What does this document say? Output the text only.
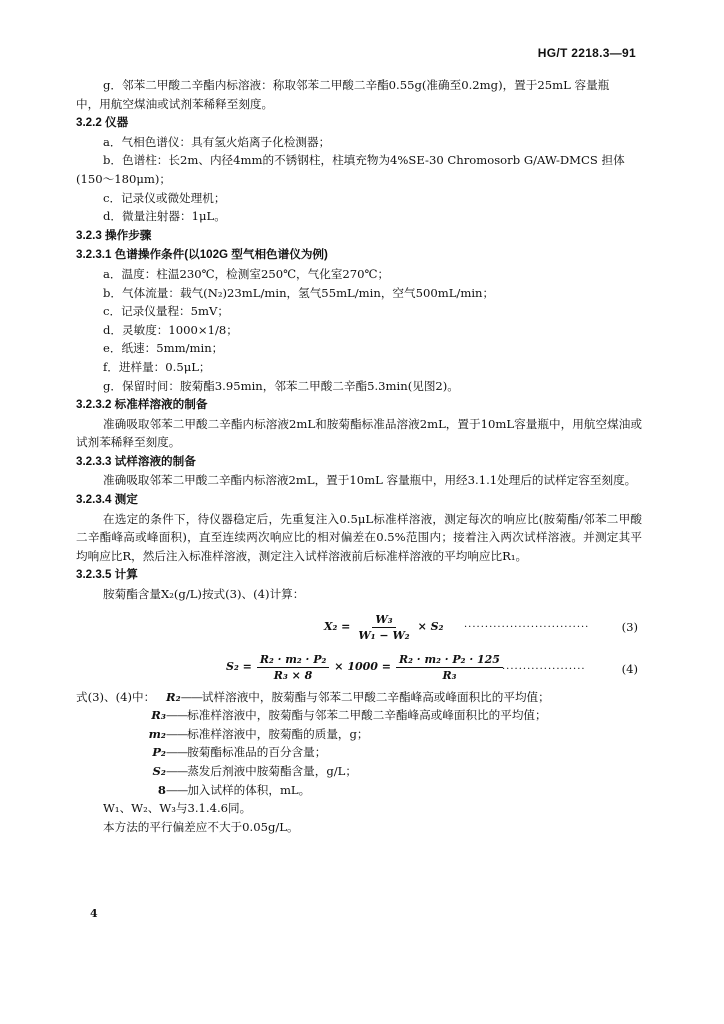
HG/T 2218.3—91

g．邻苯二甲酸二辛酯内标溶液：称取邻苯二甲酸二辛酯0.55g(准确至0.2mg)，置于25mL 容量瓶

中，用航空煤油或试剂苯稀释至刻度。

3.2.2 仪器

a．气相色谱仪：具有氢火焰离子化检测器；

b．色谱柱：长2m、内径4mm的不锈钢柱，柱填充物为4%SE-30 Chromosorb G/AW-DMCS 担体

(150～180μm)；

c．记录仪或微处理机；

d．微量注射器：1μL。

3.2.3 操作步骤

3.2.3.1 色谱操作条件(以102G 型气相色谱仪为例)

a．温度：柱温230℃，检测室250℃，气化室270℃；

b．气体流量：载气(N₂)23mL/min，氢气55mL/min，空气500mL/min；

c．记录仪量程：5mV；

d．灵敏度：1000×1/8；

e．纸速：5mm/min；

f．进样量：0.5μL；

g．保留时间：胺菊酯3.95min，邻苯二甲酸二辛酯5.3min(见图2)。

3.2.3.2 标准样溶液的制备

准确吸取邻苯二甲酸二辛酯内标溶液2mL和胺菊酯标准品溶液2mL，置于10mL容量瓶中，用航空煤油或试剂苯稀释至刻度。

3.2.3.3 试样溶液的制备

准确吸取邻苯二甲酸二辛酯内标溶液2mL，置于10mL 容量瓶中，用经3.1.1处理后的试样定容至刻度。

3.2.3.4 测定

在选定的条件下，待仪器稳定后，先重复注入0.5μL标准样溶液，测定每次的响应比(胺菊酯/邻苯二甲酸二辛酯峰高或峰面积)，直至连续两次响应比的相对偏差在0.5%范围内；接着注入两次试样溶液。并测定其平均响应比R，然后注入标准样溶液，测定注入试样溶液前后标准样溶液的平均响应比R₁。

3.2.3.5 计算

胺菊酯含量X₂(g/L)按式(3)、(4)计算：

$X_2 = \frac{\text{W₃}}{\text{W₁ − W₂}} \times S_2$ ······························	(3)
$S_2 = \frac{\text{R₂ · m₂ · P₂}}{\text{R₃ × 8}} \times 1000 = \frac{\text{R₂ · m₂ · P₂ · 125}}{\text{R₃}}$ ····················	(4)

式(3)、(4)中： R₂——试样溶液中，胺菊酯与邻苯二甲酸二辛酯峰高或峰面积比的平均值；

R₃——标准样溶液中，胺菊酯与邻苯二甲酸二辛酯峰高或峰面积比的平均值；

m₂——标准样溶液中，胺菊酯的质量，g；

P₂——胺菊酯标准品的百分含量；

S₂——蒸发后剂液中胺菊酯含量，g/L；

8——加入试样的体积，mL。

W₁、W₂、W₃与3.1.4.6同。

本方法的平行偏差应不大于0.05g/L。

4
